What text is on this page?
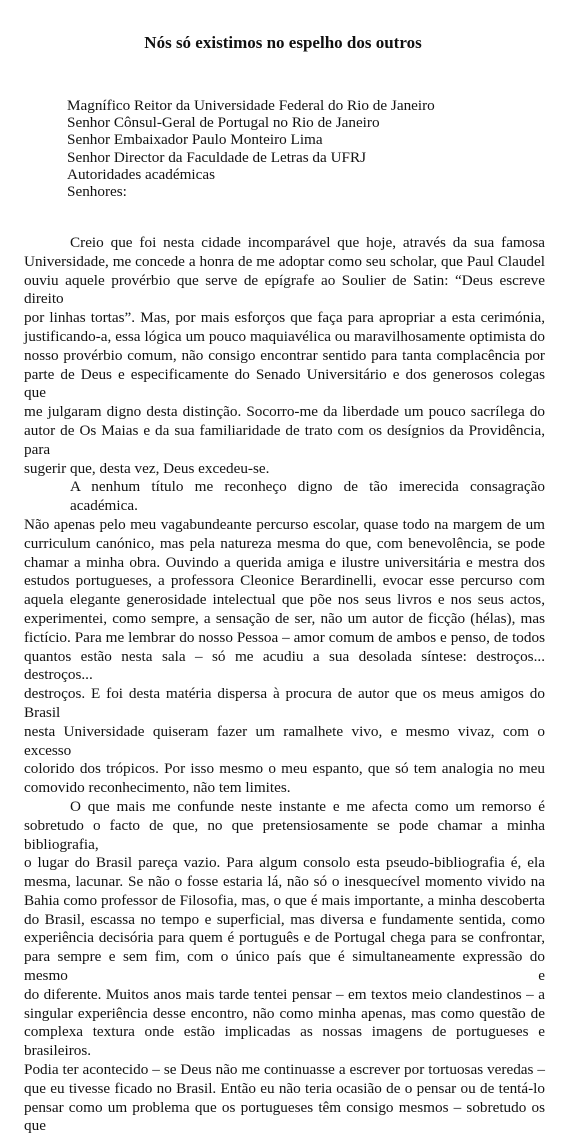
Nós só existimos no espelho dos outros
Magnífico Reitor da Universidade Federal do Rio de Janeiro
Senhor Cônsul-Geral de Portugal no Rio de Janeiro
Senhor Embaixador Paulo Monteiro Lima
Senhor Director da Faculdade de Letras da UFRJ
Autoridades académicas
Senhores:
Creio que foi nesta cidade incomparável que hoje, através da sua famosa
Universidade, me concede a honra de me adoptar como seu scholar, que Paul Claudel
ouviu aquele provérbio que serve de epígrafe ao Soulier de Satin: “Deus escreve direito
por linhas tortas”. Mas, por mais esforços que faça para apropriar a esta cerimónia,
justificando-a, essa lógica um pouco maquiavélica ou maravilhosamente optimista do
nosso provérbio comum, não consigo encontrar sentido para tanta complacência por
parte de Deus e especificamente do Senado Universitário e dos generosos colegas que
me julgaram digno desta distinção. Socorro-me da liberdade um pouco sacrílega do
autor de Os Maias e da sua familiaridade de trato com os desígnios da Providência, para
sugerir que, desta vez, Deus excedeu-se.
A nenhum título me reconheço digno de tão imerecida consagração académica.
Não apenas pelo meu vagabundeante percurso escolar, quase todo na margem de um
curriculum canónico, mas pela natureza mesma do que, com benevolência, se pode
chamar a minha obra. Ouvindo a querida amiga e ilustre universitária e mestra dos
estudos portugueses, a professora Cleonice Berardinelli, evocar esse percurso com
aquela elegante generosidade intelectual que põe nos seus livros e nos seus actos,
experimentei, como sempre, a sensação de ser, não um autor de ficção (hélas), mas
fictício. Para me lembrar do nosso Pessoa – amor comum de ambos e penso, de todos
quantos estão nesta sala – só me acudiu a sua desolada síntese: destroços... destroços...
destroços. E foi desta matéria dispersa à procura de autor que os meus amigos do Brasil
nesta Universidade quiseram fazer um ramalhete vivo, e mesmo vivaz, com o excesso
colorido dos trópicos. Por isso mesmo o meu espanto, que só tem analogia no meu
comovido reconhecimento, não tem limites.
O que mais me confunde neste instante e me afecta como um remorso é
sobretudo o facto de que, no que pretensiosamente se pode chamar a minha bibliografia,
o lugar do Brasil pareça vazio. Para algum consolo esta pseudo-bibliografia é, ela
mesma, lacunar. Se não o fosse estaria lá, não só o inesquecível momento vivido na
Bahia como professor de Filosofia, mas, o que é mais importante, a minha descoberta
do Brasil, escassa no tempo e superficial, mas diversa e fundamente sentida, como
experiência decisória para quem é português e de Portugal chega para se confrontar,
para sempre e sem fim, com o único país que é simultaneamente expressão do mesmo e
do diferente. Muitos anos mais tarde tentei pensar – em textos meio clandestinos – a
singular experiência desse encontro, não como minha apenas, mas como questão de
complexa textura onde estão implicadas as nossas imagens de portugueses e brasileiros.
Podia ter acontecido – se Deus não me continuasse a escrever por tortuosas veredas –
que eu tivesse ficado no Brasil. Então eu não teria ocasião de o pensar ou de tentá-lo
pensar como um problema que os portugueses têm consigo mesmos – sobretudo os que
